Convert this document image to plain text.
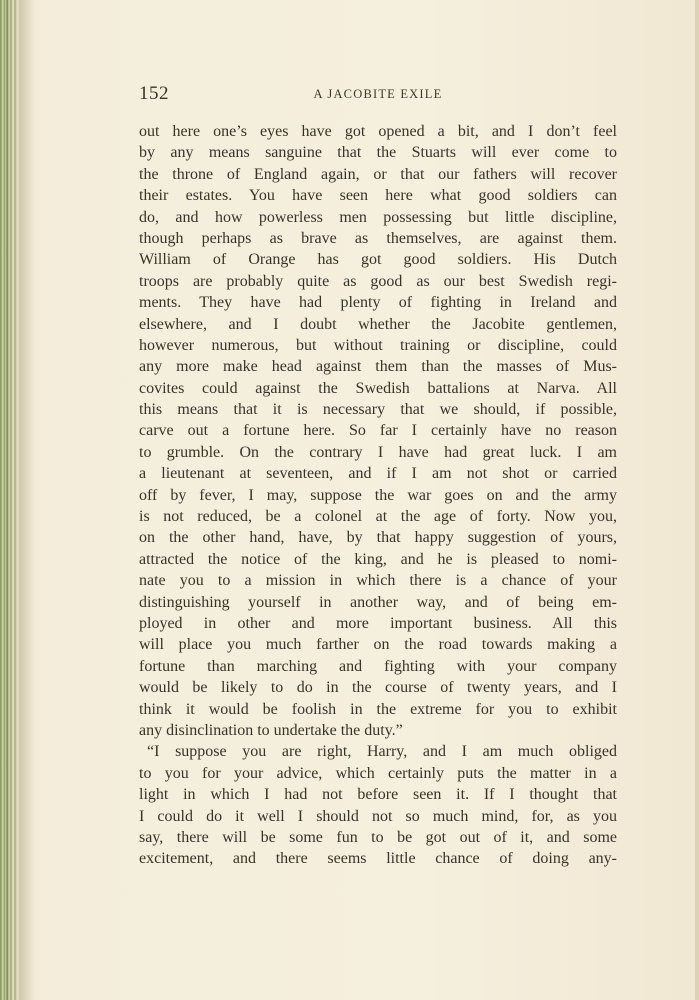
152	A JACOBITE EXILE
out here one’s eyes have got opened a bit, and I don’t feel
by any means sanguine that the Stuarts will ever come to
the throne of England again, or that our fathers will recover
their estates. You have seen here what good soldiers can
do, and how powerless men possessing but little discipline,
though perhaps as brave as themselves, are against them.
William of Orange has got good soldiers. His Dutch
troops are probably quite as good as our best Swedish regi-
ments. They have had plenty of fighting in Ireland and
elsewhere, and I doubt whether the Jacobite gentlemen,
however numerous, but without training or discipline, could
any more make head against them than the masses of Mus-
covites could against the Swedish battalions at Narva. All
this means that it is necessary that we should, if possible,
carve out a fortune here. So far I certainly have no reason
to grumble. On the contrary I have had great luck. I am
a lieutenant at seventeen, and if I am not shot or carried
off by fever, I may, suppose the war goes on and the army
is not reduced, be a colonel at the age of forty. Now you,
on the other hand, have, by that happy suggestion of yours,
attracted the notice of the king, and he is pleased to nomi-
nate you to a mission in which there is a chance of your
distinguishing yourself in another way, and of being em-
ployed in other and more important business. All this
will place you much farther on the road towards making a
fortune than marching and fighting with your company
would be likely to do in the course of twenty years, and I
think it would be foolish in the extreme for you to exhibit
any disinclination to undertake the duty.”
“I suppose you are right, Harry, and I am much obliged
to you for your advice, which certainly puts the matter in a
light in which I had not before seen it. If I thought that
I could do it well I should not so much mind, for, as you
say, there will be some fun to be got out of it, and some
excitement, and there seems little chance of doing any-
